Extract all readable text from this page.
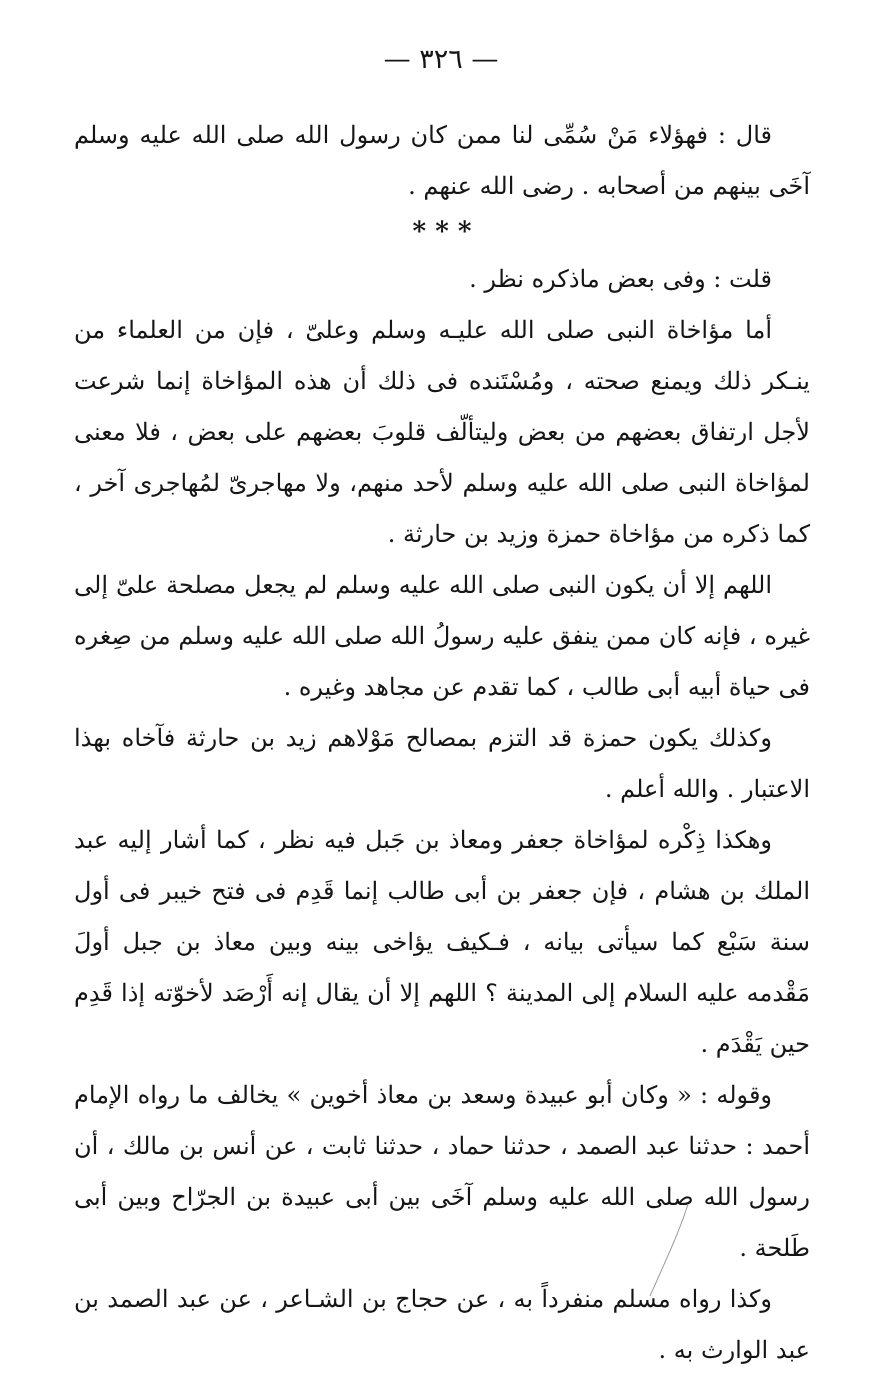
— ٣٢٦ —

قال : فهؤلاء مَنْ سُمِّى لنا ممن كان رسول الله صلى الله عليه وسلم آخَى بينهم من أصحابه . رضى الله عنهم .

* * *

قلت : وفى بعض ماذكره نظر .

أما مؤاخاة النبى صلى الله عليـه وسلم وعلىّ ، فإن من العلماء من ينـكر ذلك ويمنع صحته ، ومُسْتَنده فى ذلك أن هذه المؤاخاة إنما شرعت لأجل ارتفاق بعضهم من بعض وليتألّف قلوبَ بعضهم على بعض ، فلا معنى لمؤاخاة النبى صلى الله عليه وسلم لأحد منهم، ولا مهاجرىّ لمُهاجرى آخر ، كما ذكره من مؤاخاة حمزة وزيد بن حارثة .

اللهم إلا أن يكون النبى صلى الله عليه وسلم لم يجعل مصلحة علىّ إلى غيره ، فإنه كان ممن ينفق عليه رسولُ الله صلى الله عليه وسلم من صِغره فى حياة أبيه أبى طالب ، كما تقدم عن مجاهد وغيره .

وكذلك يكون حمزة قد التزم بمصالح مَوْلاهم زيد بن حارثة فآخاه بهذا الاعتبار . والله أعلم .

وهكذا ذِكْره لمؤاخاة جعفر ومعاذ بن جَبل فيه نظر ، كما أشار إليه عبد الملك بن هشام ، فإن جعفر بن أبى طالب إنما قَدِم فى فتح خيبر فى أول سنة سَبْع كما سيأتى بيانه ، فـكيف يؤاخى بينه وبين معاذ بن جبل أولَ مَقْدمه عليه السلام إلى المدينة ؟ اللهم إلا أن يقال إنه أَرْصَد لأخوّته إذا قَدِم حين يَقْدَم .

وقوله : « وكان أبو عبيدة وسعد بن معاذ أخوين » يخالف ما رواه الإمام أحمد : حدثنا عبد الصمد ، حدثنا حماد ، حدثنا ثابت ، عن أنس بن مالك ، أن رسول الله صلى الله عليه وسلم آخَى بين أبى عبيدة بن الجرّاح وبين أبى طَلحة .

وكذا رواه مسلم منفرداً به ، عن حجاج بن الشـاعر ، عن عبد الصمد بن عبد الوارث به .
